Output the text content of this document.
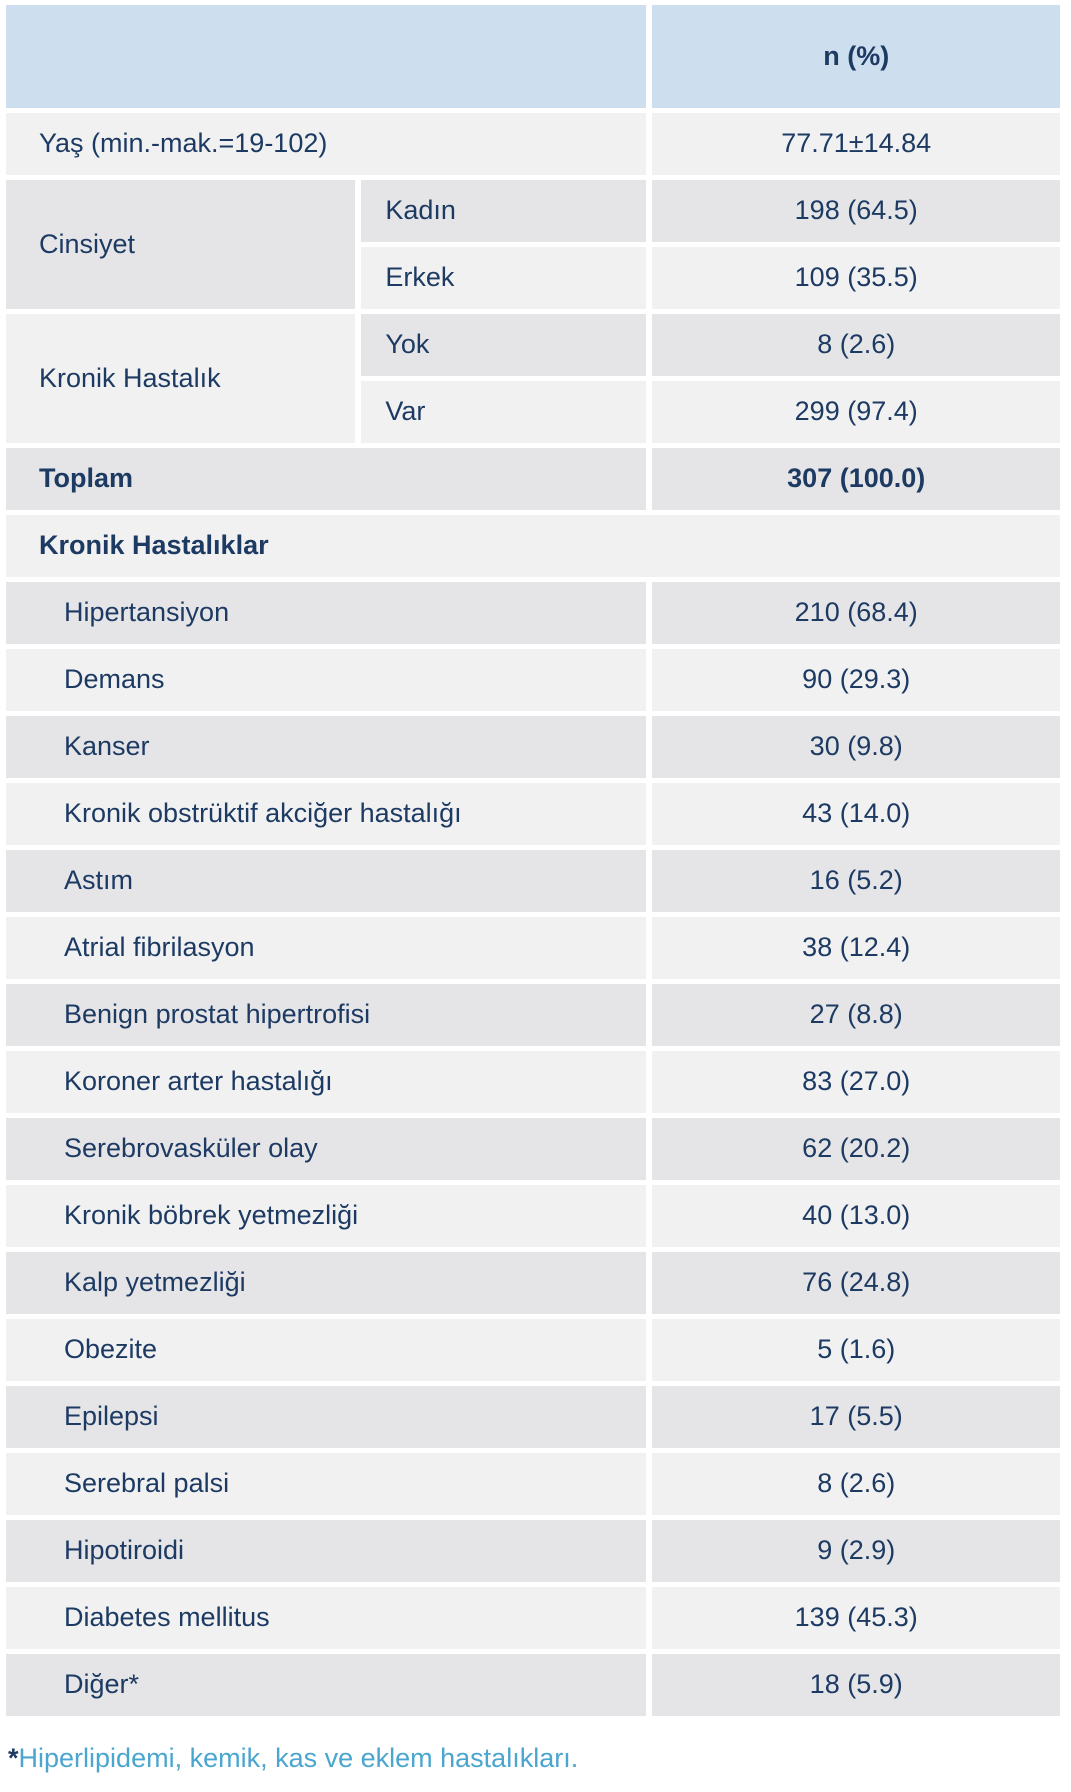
		n (%)
Yaş (min.-mak.=19-102)		77.71±14.84
Cinsiyet	Kadın	198 (64.5)
	Erkek	109 (35.5)
Kronik Hastalık	Yok	8 (2.6)
	Var	299 (97.4)
Toplam		307 (100.0)
Kronik Hastalıklar		
Hipertansiyon		210 (68.4)
Demans		90 (29.3)
Kanser		30 (9.8)
Kronik obstrüktif akciğer hastalığı		43 (14.0)
Astım		16 (5.2)
Atrial fibrilasyon		38 (12.4)
Benign prostat hipertrofisi		27 (8.8)
Koroner arter hastalığı		83 (27.0)
Serebrovasküler olay		62 (20.2)
Kronik böbrek yetmezliği		40 (13.0)
Kalp yetmezliği		76 (24.8)
Obezite		5 (1.6)
Epilepsi		17 (5.5)
Serebral palsi		8 (2.6)
Hipotiroidi		9 (2.9)
Diabetes mellitus		139 (45.3)
Diğer*		18 (5.9)
*Hiperlipidemi, kemik, kas ve eklem hastalıkları.
